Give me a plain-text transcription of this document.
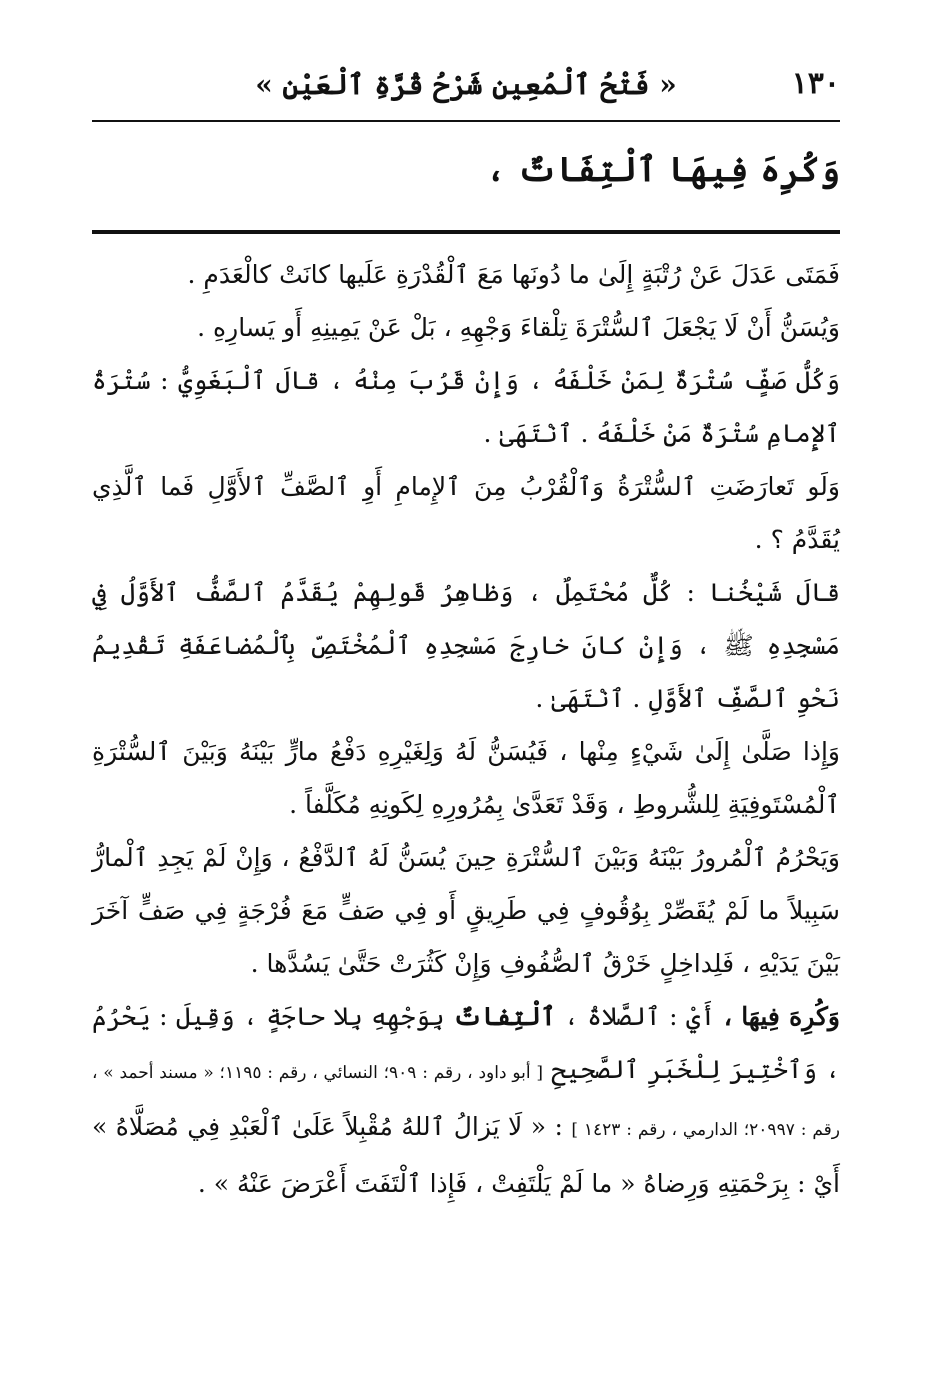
١٣٠
« فَتْحُ ٱلْمُعِينِ شَرْحُ قُرَّةِ ٱلْعَيْنِ »
وَكُرِهَ فِيهَا ٱلْتِفَاتٌ ،

فَمَتَى عَدَلَ عَنْ رُتْبَةٍ إِلَىٰ ما دُونَها مَعَ ٱلْقُدْرَةِ عَلَيها كانَتْ كالْعَدَمِ .

وَيُسَنُّ أَنْ لَا يَجْعَلَ ٱلسُّتْرَةَ تِلْقاءَ وَجْهِهِ ، بَلْ عَنْ يَمِينِهِ أَو يَسارِهِ .

وَكُلُّ صَفٍّ سُتْرَةٌ لِمَنْ خَلْفَهُ ، وَإِنْ قَرُبَ مِنْهُ ، قالَ ٱلْبَغَوِيُّ : سُتْرَةُ ٱلإِمامِ سُتْرَةٌ مَنْ خَلْفَهُ . ٱنْتَهَىٰ .

وَلَو تَعارَضَتِ ٱلسُّتْرَةُ وَٱلْقُرْبُ مِنَ ٱلإِمامِ أَوِ ٱلصَّفِّ ٱلأَوَّلِ فَما ٱلَّذِي يُقَدَّمُ ؟ .

قالَ شَيْخُنا : كُلٌّ مُحْتَمِلٌ ، وَظاهِرُ قَولِهِمْ يُقَدَّمُ ٱلصَّفُّ ٱلأَوَّلُ فِي مَسْجِدِهِ ﷺ ، وَإِنْ كانَ خارِجَ مَسْجِدِهِ ٱلْمُخْتَصِّ بِٱلْمُضاعَفَةِ تَقْدِيمُ نَحْوِ ٱلصَّفِّ ٱلأَوَّلِ . ٱنْتَهَىٰ .

وَإِذا صَلَّىٰ إِلَىٰ شَيْءٍ مِنْها ، فَيُسَنُّ لَهُ وَلِغَيْرِهِ دَفْعُ مارٍّ بَيْنَهُ وَبَيْنَ ٱلسُّتْرَةِ ٱلْمُسْتَوفِيَةِ لِلشُّروطِ ، وَقَدْ تَعَدَّىٰ بِمُرُورِهِ لِكَونِهِ مُكَلَّفاً .

وَيَحْرُمُ ٱلْمُرورُ بَيْنَهُ وَبَيْنَ ٱلسُّتْرَةِ حِينَ يُسَنُّ لَهُ ٱلدَّفْعُ ، وَإِنْ لَمْ يَجِدِ ٱلْمارُّ سَبِيلاً ما لَمْ يُقَصِّرْ بِوُقُوفٍ فِي طَرِيقٍ أَو فِي صَفٍّ مَعَ فُرْجَةٍ فِي صَفٍّ آخَرَ بَيْنَ يَدَيْهِ ، فَلِداخِلٍ خَرْقُ ٱلصُّفُوفِ وَإِنْ كَثُرَتْ حَتَّىٰ يَسُدَّها .

وَكُرِهَ فِيهَا ، أَيْ : ٱلصَّلاةُ ، ٱلْتِفاتٌ بِوَجْهِهِ بِلا حاجَةٍ ، وَقِيلَ : يَحْرُمُ ، وَٱخْتِيرَ لِلْخَبَرِ ٱلصَّحِيحِ [ أبو داود ، رقم : ٩٠٩؛ النسائي ، رقم : ١١٩٥؛ « مسند أحمد » ، رقم : ٢٠٩٩٧؛ الدارمي ، رقم : ١٤٢٣ ] : « لَا يَزالُ ٱللهُ مُقْبِلاً عَلَىٰ ٱلْعَبْدِ فِي مُصَلَّاهُ » أَيْ : بِرَحْمَتِهِ وَرِضاهُ « ما لَمْ يَلْتَفِتْ ، فَإِذا ٱلْتَفَتَ أَعْرَضَ عَنْهُ » .
